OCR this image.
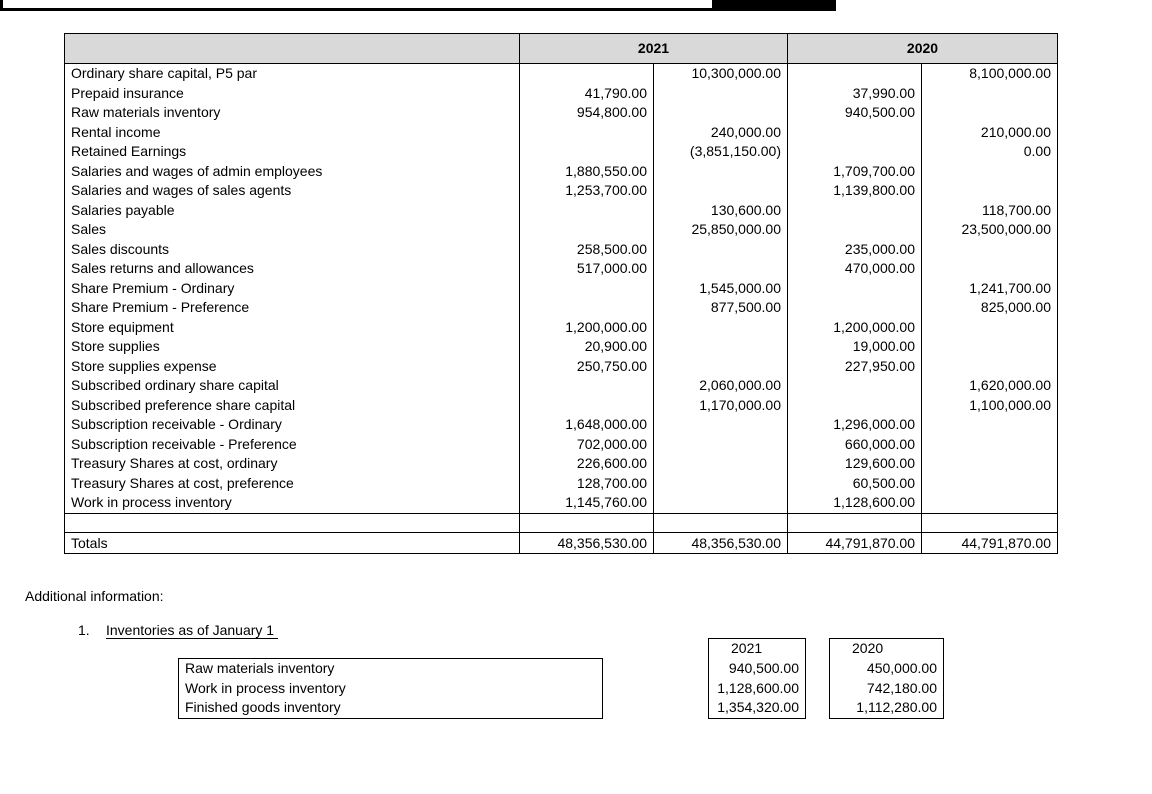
	2021		2020	
Ordinary share capital, P5 par		10,300,000.00		8,100,000.00
Prepaid insurance	41,790.00		37,990.00	
Raw materials inventory	954,800.00		940,500.00	
Rental income		240,000.00		210,000.00
Retained Earnings		(3,851,150.00)		0.00
Salaries and wages of admin employees	1,880,550.00		1,709,700.00	
Salaries and wages of sales agents	1,253,700.00		1,139,800.00	
Salaries payable		130,600.00		118,700.00
Sales		25,850,000.00		23,500,000.00
Sales discounts	258,500.00		235,000.00	
Sales returns and allowances	517,000.00		470,000.00	
Share Premium - Ordinary		1,545,000.00		1,241,700.00
Share Premium - Preference		877,500.00		825,000.00
Store equipment	1,200,000.00		1,200,000.00	
Store supplies	20,900.00		19,000.00	
Store supplies expense	250,750.00		227,950.00	
Subscribed ordinary share capital		2,060,000.00		1,620,000.00
Subscribed preference share capital		1,170,000.00		1,100,000.00
Subscription receivable - Ordinary	1,648,000.00		1,296,000.00	
Subscription receivable - Preference	702,000.00		660,000.00	
Treasury Shares at cost, ordinary	226,600.00		129,600.00	
Treasury Shares at cost, preference	128,700.00		60,500.00	
Work in process inventory	1,145,760.00		1,128,600.00	

Totals	48,356,530.00	48,356,530.00	44,791,870.00	44,791,870.00
Additional information:
1. Inventories as of January 1
		2021		2020
Raw materials inventory		940,500.00		450,000.00
Work in process inventory		1,128,600.00		742,180.00
Finished goods inventory		1,354,320.00		1,112,280.00
